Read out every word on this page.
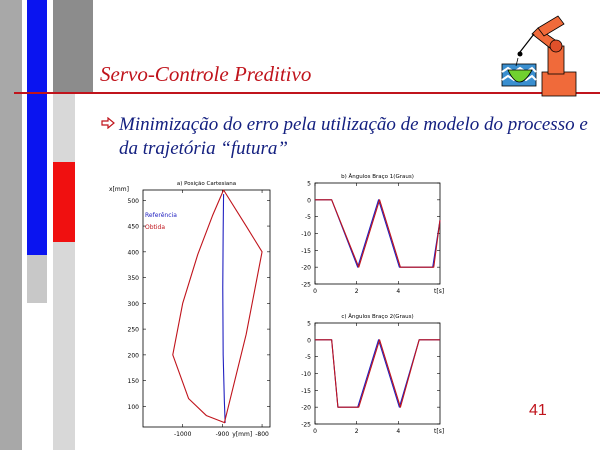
Servo-Controle Preditivo
Minimização do erro pela utilização de modelo do processo e da trajetória “futura”
a) Posição Cartesiana
100
150
200
250
300
350
400
450
500
-1000	-900	-800
x[mm]
y[mm]
Referência
Obtida
b) Ângulos Braço 1(Graus)
5
0
-5
-10
-15
-20
-25
0	2	4	t[s]
c) Ângulos Braço 2(Graus)
5
0
-5
-10
-15
-20
-25
0	2	4	t[s]
41
